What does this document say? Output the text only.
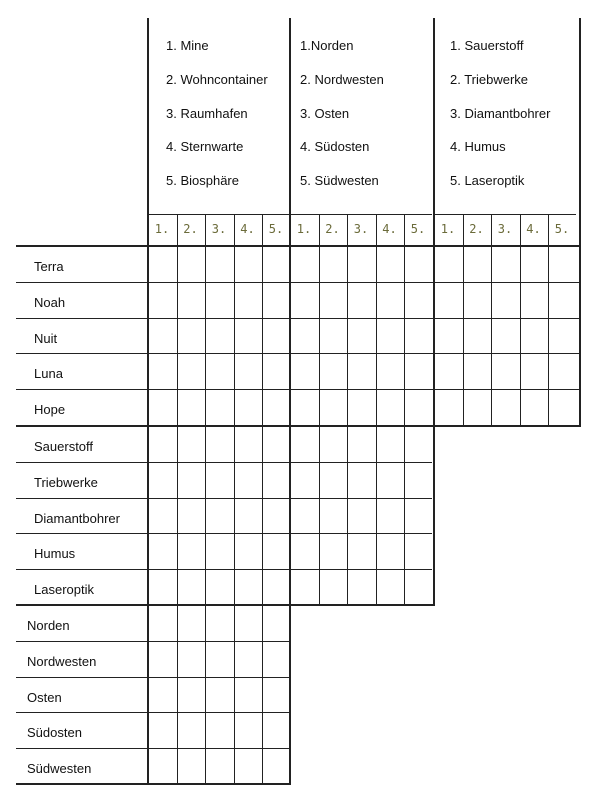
1. Mine
2. Wohncontainer
3. Raumhafen
4. Sternwarte
5. Biosphäre
1.	2.	3.	4.	5.
1.Norden
2. Nordwesten
3. Osten
4. Südosten
5. Südwesten
1.	2.	3.	4.	5.
1. Sauerstoff
2. Triebwerke
3. Diamantbohrer
4. Humus
5. Laseroptik
1.	2.	3.	4.	5.
Terra
Noah
Nuit
Luna
Hope
Sauerstoff
Triebwerke
Diamantbohrer
Humus
Laseroptik
Norden
Nordwesten
Osten
Südosten
Südwesten
